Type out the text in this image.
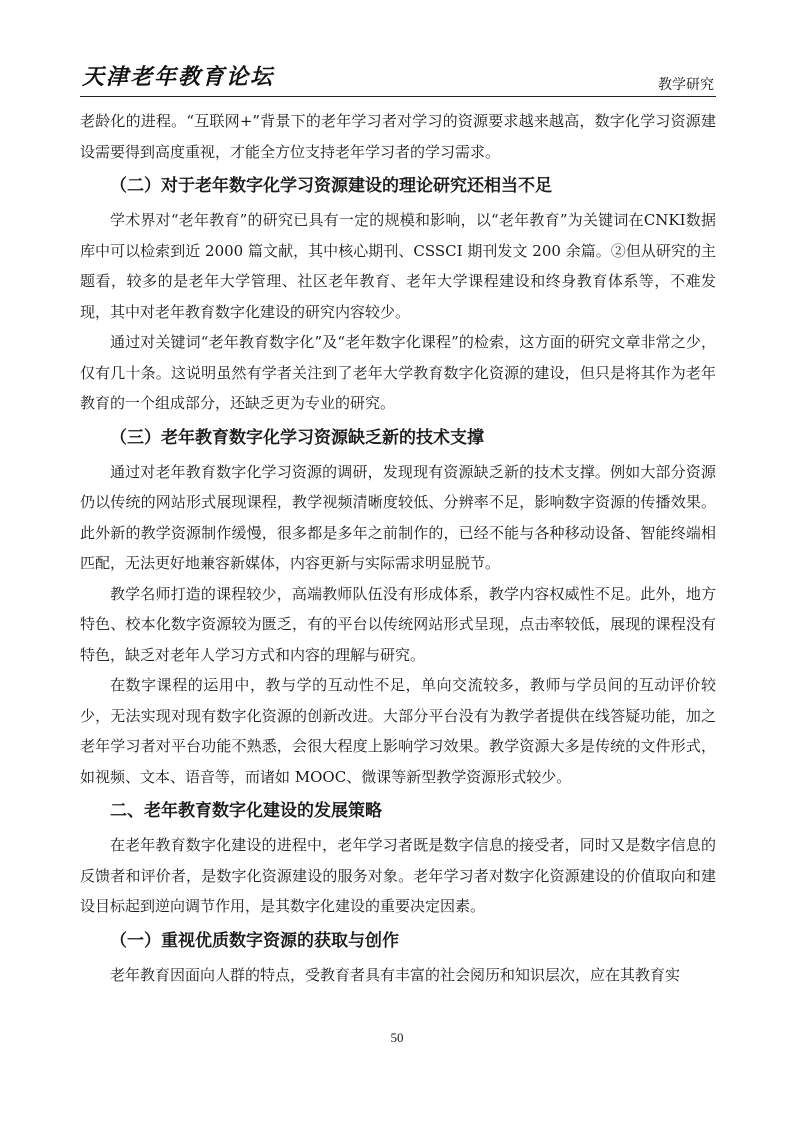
天津老年教育论坛	教学研究

老龄化的进程。“互联网+”背景下的老年学习者对学习的资源要求越来越高，数字化学习资源建设需要得到高度重视，才能全方位支持老年学习者的学习需求。

（二）对于老年数字化学习资源建设的理论研究还相当不足

学术界对“老年教育”的研究已具有一定的规模和影响，以“老年教育”为关键词在CNKI数据库中可以检索到近 2000 篇文献，其中核心期刊、CSSCI 期刊发文 200 余篇。②但从研究的主题看，较多的是老年大学管理、社区老年教育、老年大学课程建设和终身教育体系等，不难发现，其中对老年教育数字化建设的研究内容较少。

通过对关键词“老年教育数字化”及“老年数字化课程”的检索，这方面的研究文章非常之少，仅有几十条。这说明虽然有学者关注到了老年大学教育数字化资源的建设，但只是将其作为老年教育的一个组成部分，还缺乏更为专业的研究。

（三）老年教育数字化学习资源缺乏新的技术支撑

通过对老年教育数字化学习资源的调研，发现现有资源缺乏新的技术支撑。例如大部分资源仍以传统的网站形式展现课程，教学视频清晰度较低、分辨率不足，影响数字资源的传播效果。此外新的教学资源制作缓慢，很多都是多年之前制作的，已经不能与各种移动设备、智能终端相匹配，无法更好地兼容新媒体，内容更新与实际需求明显脱节。

教学名师打造的课程较少，高端教师队伍没有形成体系，教学内容权威性不足。此外，地方特色、校本化数字资源较为匮乏，有的平台以传统网站形式呈现，点击率较低，展现的课程没有特色，缺乏对老年人学习方式和内容的理解与研究。

在数字课程的运用中，教与学的互动性不足，单向交流较多，教师与学员间的互动评价较少，无法实现对现有数字化资源的创新改进。大部分平台没有为教学者提供在线答疑功能，加之老年学习者对平台功能不熟悉，会很大程度上影响学习效果。教学资源大多是传统的文件形式，如视频、文本、语音等，而诸如 MOOC、微课等新型教学资源形式较少。

二、老年教育数字化建设的发展策略

在老年教育数字化建设的进程中，老年学习者既是数字信息的接受者，同时又是数字信息的反馈者和评价者，是数字化资源建设的服务对象。老年学习者对数字化资源建设的价值取向和建设目标起到逆向调节作用，是其数字化建设的重要决定因素。

（一）重视优质数字资源的获取与创作

老年教育因面向人群的特点，受教育者具有丰富的社会阅历和知识层次，应在其教育实

50
